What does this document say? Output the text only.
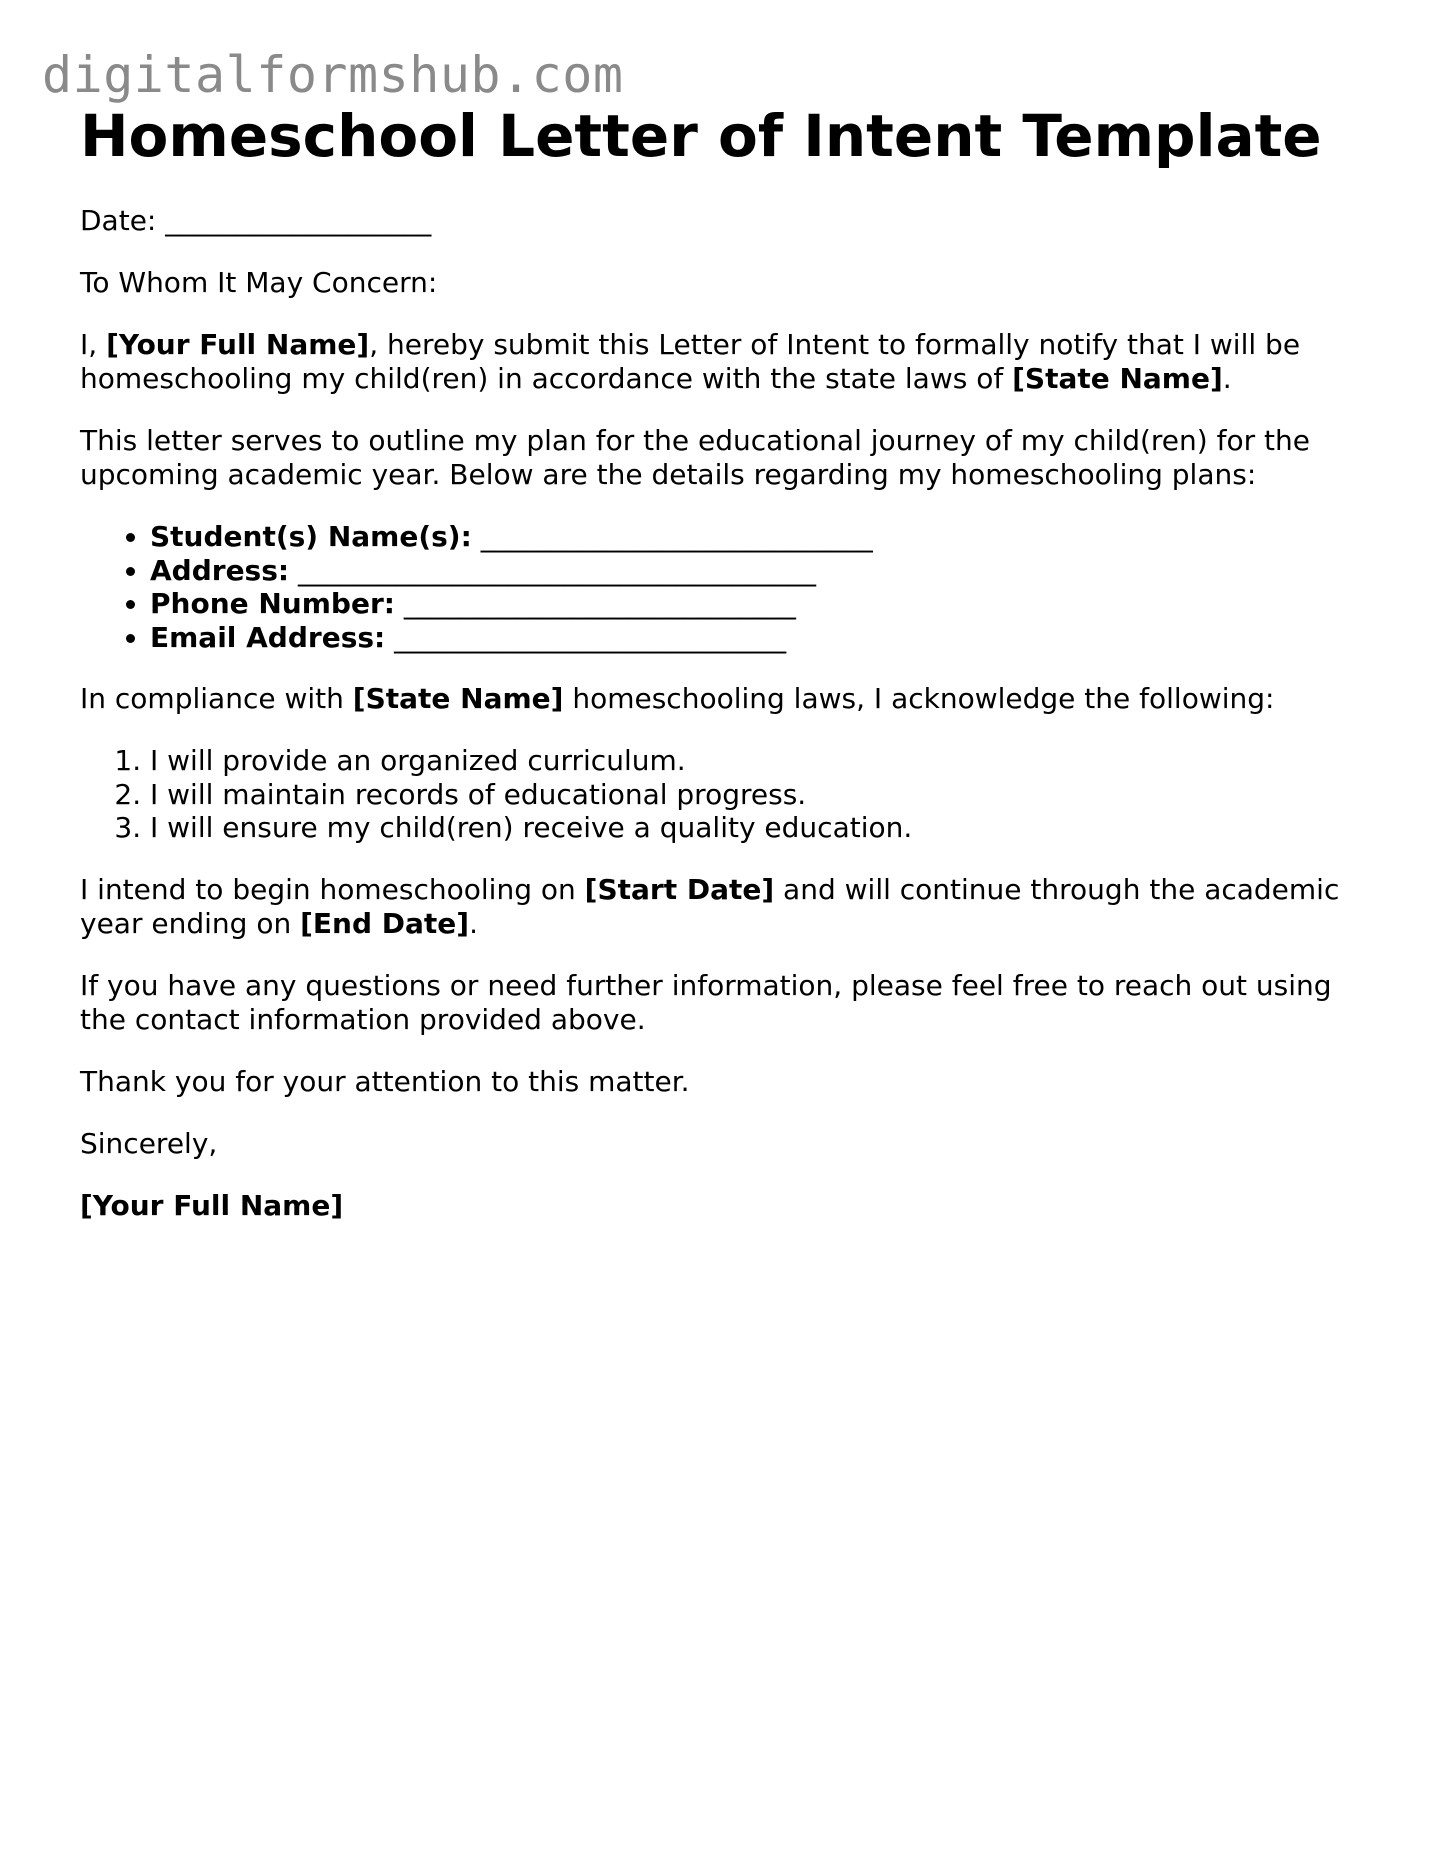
digitalformshub.com
Homeschool Letter of Intent Template

Date: ___________________

To Whom It May Concern:

I, [Your Full Name], hereby submit this Letter of Intent to formally notify that I will be homeschooling my child(ren) in accordance with the state laws of [State Name].

This letter serves to outline my plan for the educational journey of my child(ren) for the upcoming academic year. Below are the details regarding my homeschooling plans:

• Student(s) Name(s): ____________________________
• Address: _____________________________________
• Phone Number: ____________________________
• Email Address: ____________________________

In compliance with [State Name] homeschooling laws, I acknowledge the following:

1. I will provide an organized curriculum.
2. I will maintain records of educational progress.
3. I will ensure my child(ren) receive a quality education.

I intend to begin homeschooling on [Start Date] and will continue through the academic year ending on [End Date].

If you have any questions or need further information, please feel free to reach out using the contact information provided above.

Thank you for your attention to this matter.

Sincerely,

[Your Full Name]
